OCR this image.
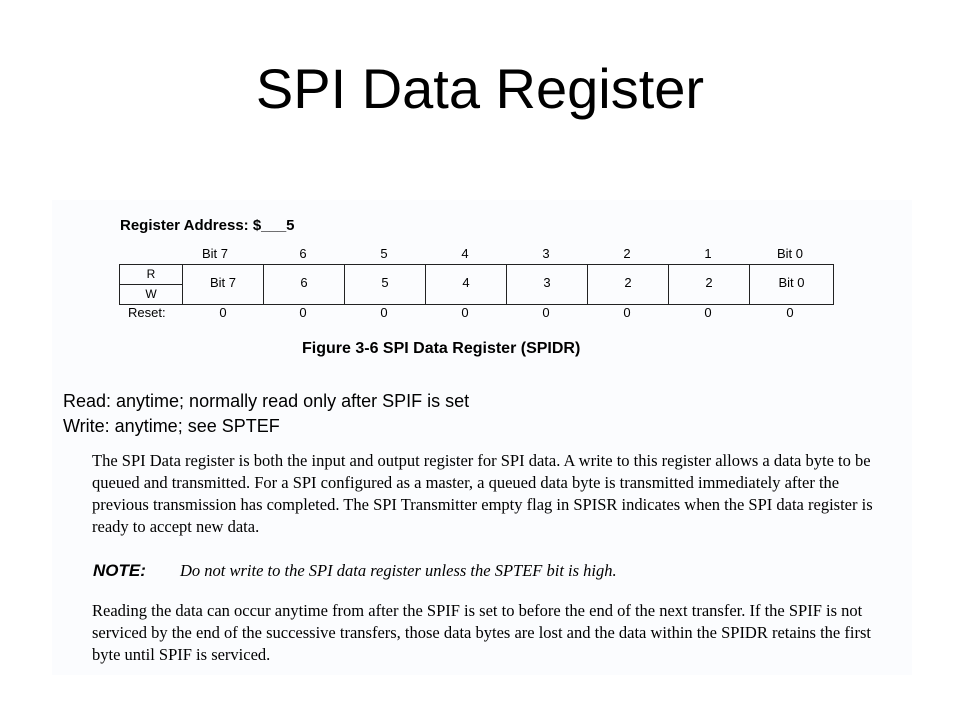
SPI Data Register
Register Address: $___5
Bit 7	6	5	4	3	2	1	Bit 0
R
W
Bit 7	6	5	4	3	2	2	Bit 0
Reset:	0	0	0	0	0	0	0	0
Figure 3-6 SPI Data Register (SPIDR)
Read: anytime; normally read only after SPIF is set
Write: anytime; see SPTEF
The SPI Data register is both the input and output register for SPI data. A write to this register allows a data byte to be queued and transmitted. For a SPI configured as a master, a queued data byte is transmitted immediately after the previous transmission has completed. The SPI Transmitter empty flag in SPISR indicates when the SPI data register is ready to accept new data.
NOTE: Do not write to the SPI data register unless the SPTEF bit is high.
Reading the data can occur anytime from after the SPIF is set to before the end of the next transfer. If the SPIF is not serviced by the end of the successive transfers, those data bytes are lost and the data within the SPIDR retains the first byte until SPIF is serviced.
